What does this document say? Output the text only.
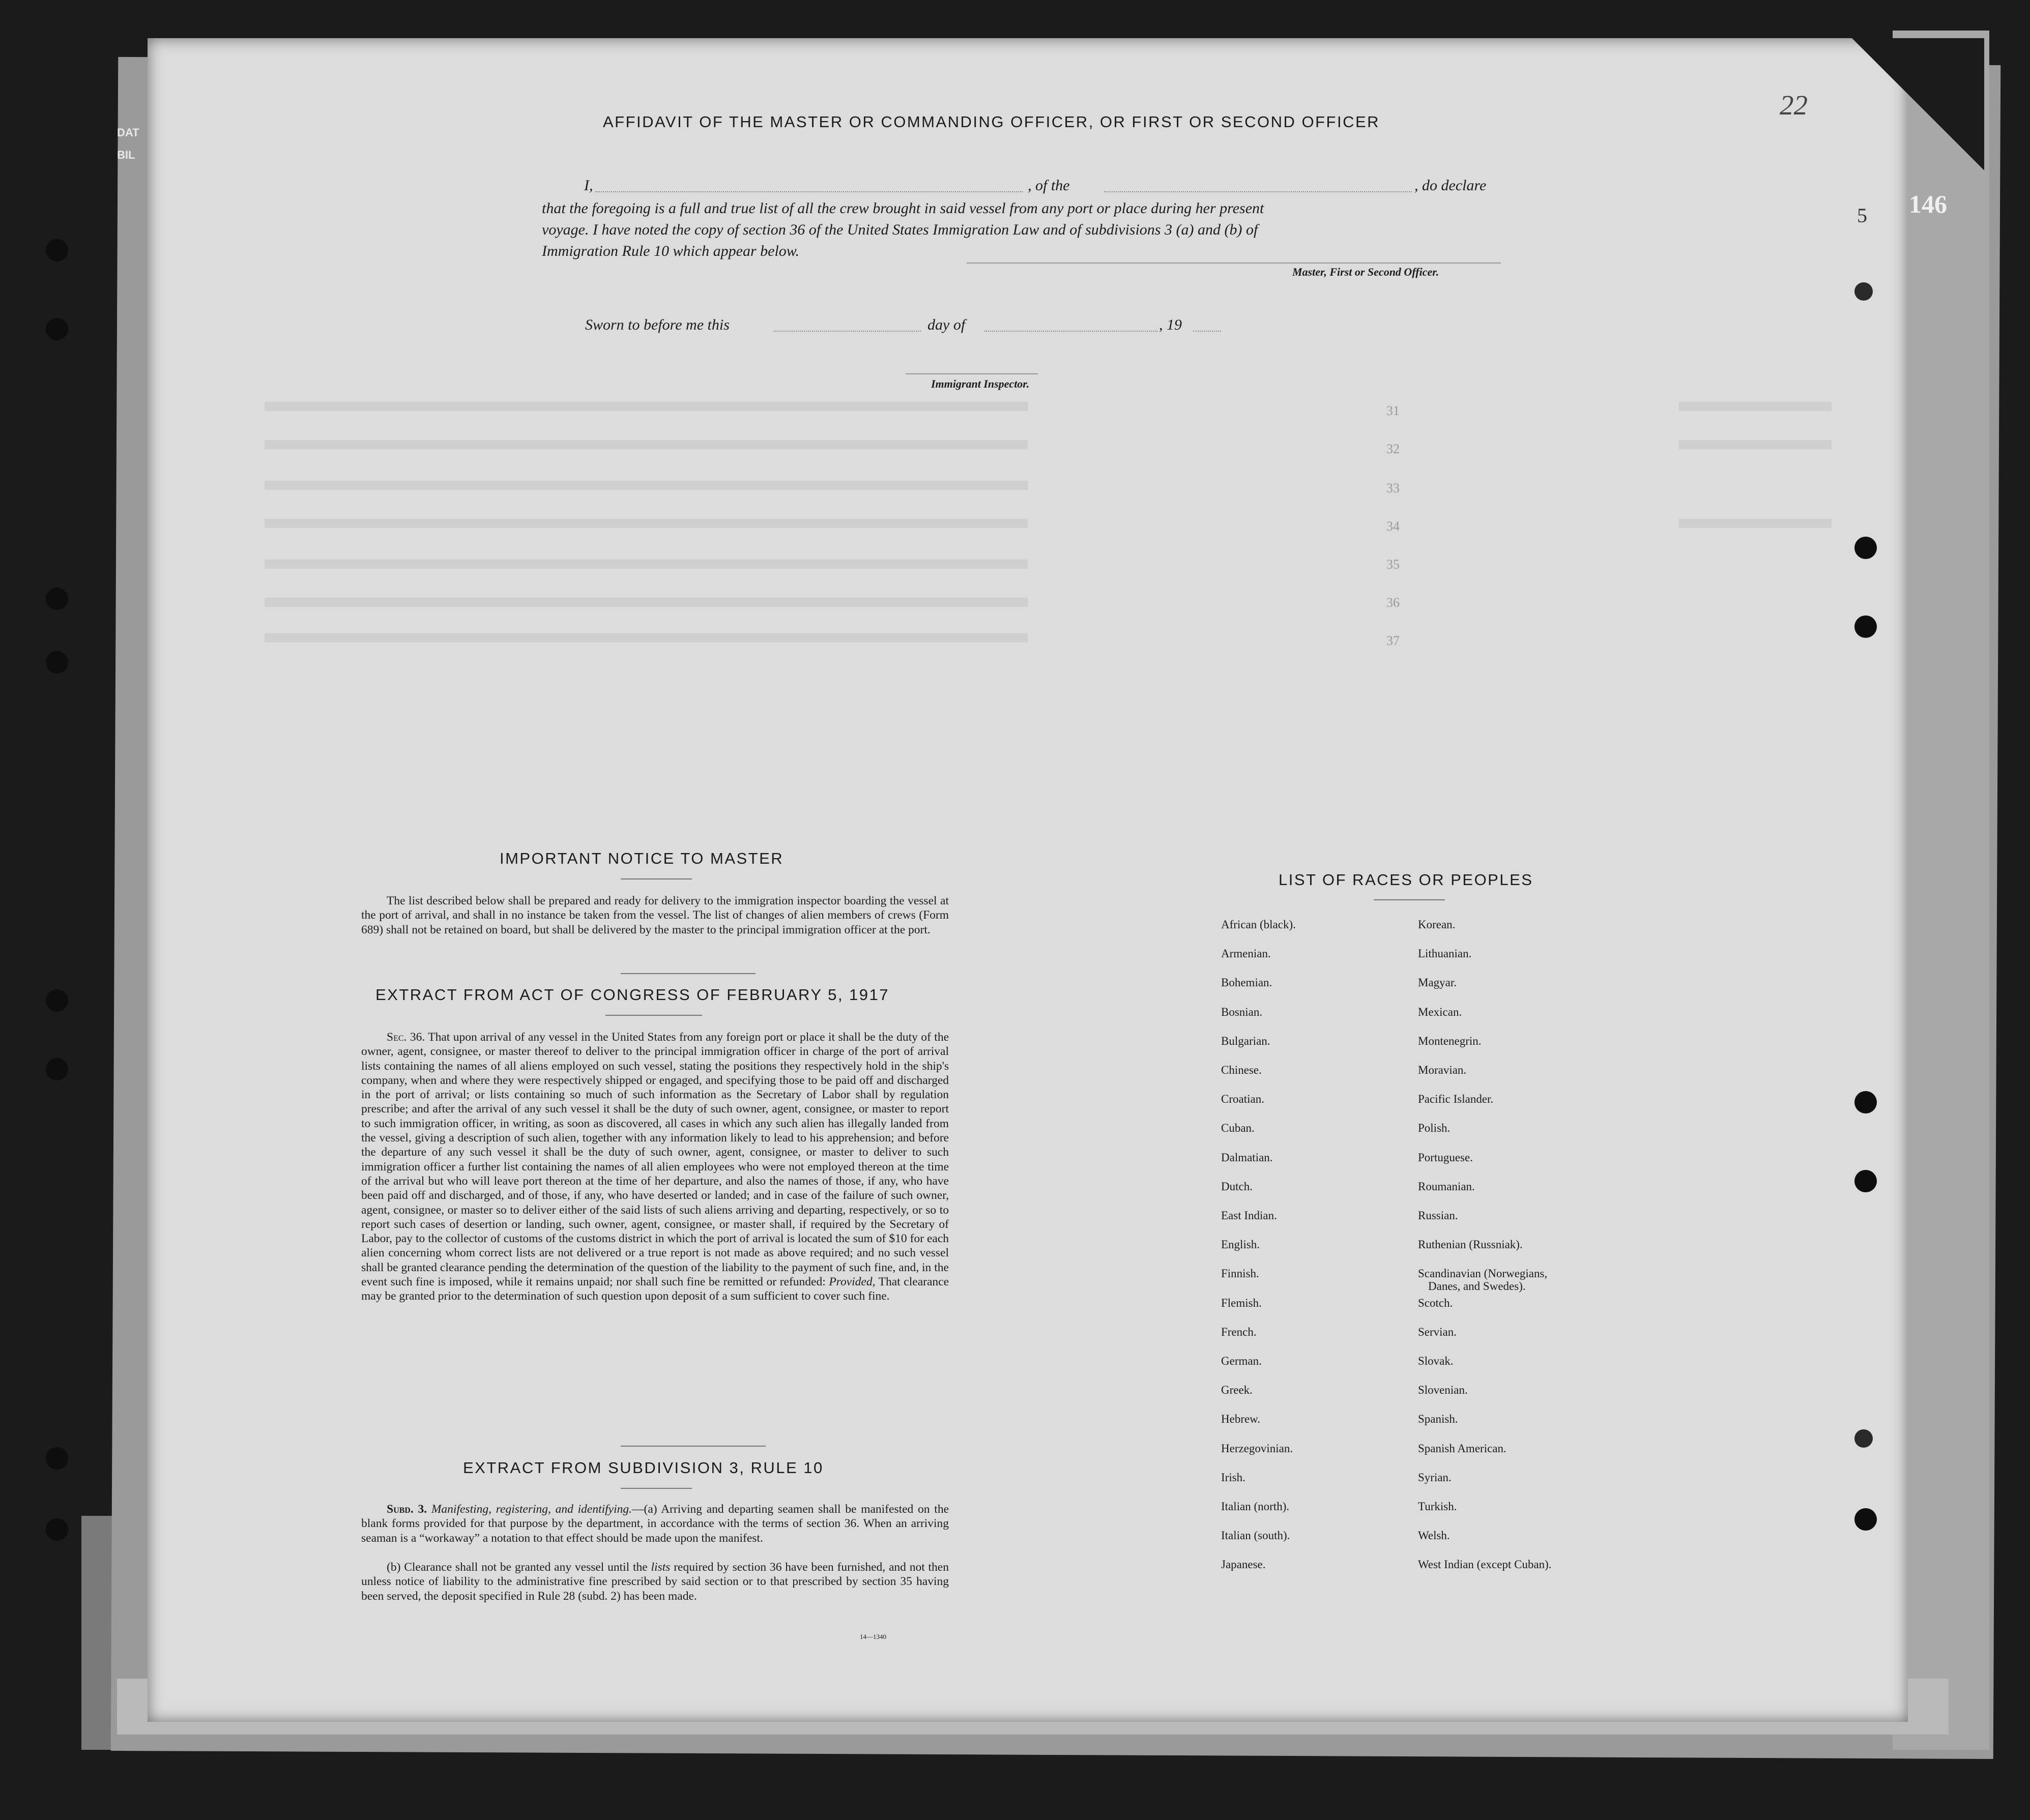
DAT
BIL
146
22
5
31
32
33
34
35
36
37
AFFIDAVIT OF THE MASTER OR COMMANDING OFFICER, OR FIRST OR SECOND OFFICER
I,	, of the	, do declare
that the foregoing is a full and true list of all the crew brought in said vessel from any port or place during her present
voyage. I have noted the copy of section 36 of the United States Immigration Law and of subdivisions 3 (a) and (b) of
Immigration Rule 10 which appear below.
Master, First or Second Officer.
Sworn to before me this	day of	, 19
Immigrant Inspector.
IMPORTANT NOTICE TO MASTER
The list described below shall be prepared and ready for delivery to the immigration inspector boarding the vessel at the port of arrival, and shall in no instance be taken from the vessel. The list of changes of alien members of crews (Form 689) shall not be retained on board, but shall be delivered by the master to the principal immigration officer at the port.
EXTRACT FROM ACT OF CONGRESS OF FEBRUARY 5, 1917
Sec. 36. That upon arrival of any vessel in the United States from any foreign port or place it shall be the duty of the owner, agent, consignee, or master thereof to deliver to the principal immigration officer in charge of the port of arrival lists containing the names of all aliens employed on such vessel, stating the positions they respectively hold in the ship's company, when and where they were respectively shipped or engaged, and specifying those to be paid off and discharged in the port of arrival; or lists containing so much of such information as the Secretary of Labor shall by regulation prescribe; and after the arrival of any such vessel it shall be the duty of such owner, agent, consignee, or master to report to such immigration officer, in writing, as soon as discovered, all cases in which any such alien has illegally landed from the vessel, giving a description of such alien, together with any information likely to lead to his apprehension; and before the departure of any such vessel it shall be the duty of such owner, agent, consignee, or master to deliver to such immigration officer a further list containing the names of all alien employees who were not employed thereon at the time of the arrival but who will leave port thereon at the time of her departure, and also the names of those, if any, who have been paid off and discharged, and of those, if any, who have deserted or landed; and in case of the failure of such owner, agent, consignee, or master so to deliver either of the said lists of such aliens arriving and departing, respectively, or so to report such cases of desertion or landing, such owner, agent, consignee, or master shall, if required by the Secretary of Labor, pay to the collector of customs of the customs district in which the port of arrival is located the sum of $10 for each alien concerning whom correct lists are not delivered or a true report is not made as above required; and no such vessel shall be granted clearance pending the determination of the question of the liability to the payment of such fine, and, in the event such fine is imposed, while it remains unpaid; nor shall such fine be remitted or refunded: Provided, That clearance may be granted prior to the determination of such question upon deposit of a sum sufficient to cover such fine.
EXTRACT FROM SUBDIVISION 3, RULE 10
Subd. 3. Manifesting, registering, and identifying.—(a) Arriving and departing seamen shall be manifested on the blank forms provided for that purpose by the department, in accordance with the terms of section 36. When an arriving seaman is a “workaway” a notation to that effect should be made upon the manifest.
(b) Clearance shall not be granted any vessel until the lists required by section 36 have been furnished, and not then unless notice of liability to the administrative fine prescribed by said section or to that prescribed by section 35 having been served, the deposit specified in Rule 28 (subd. 2) has been made.
14—1340
LIST OF RACES OR PEOPLES
African (black).
Armenian.
Bohemian.
Bosnian.
Bulgarian.
Chinese.
Croatian.
Cuban.
Dalmatian.
Dutch.
East Indian.
English.
Finnish.
Flemish.
French.
German.
Greek.
Hebrew.
Herzegovinian.
Irish.
Italian (north).
Italian (south).
Japanese.
Korean.
Lithuanian.
Magyar.
Mexican.
Montenegrin.
Moravian.
Pacific Islander.
Polish.
Portuguese.
Roumanian.
Russian.
Ruthenian (Russniak).
Scandinavian (Norwegians,
Danes, and Swedes).
Scotch.
Servian.
Slovak.
Slovenian.
Spanish.
Spanish American.
Syrian.
Turkish.
Welsh.
West Indian (except Cuban).
